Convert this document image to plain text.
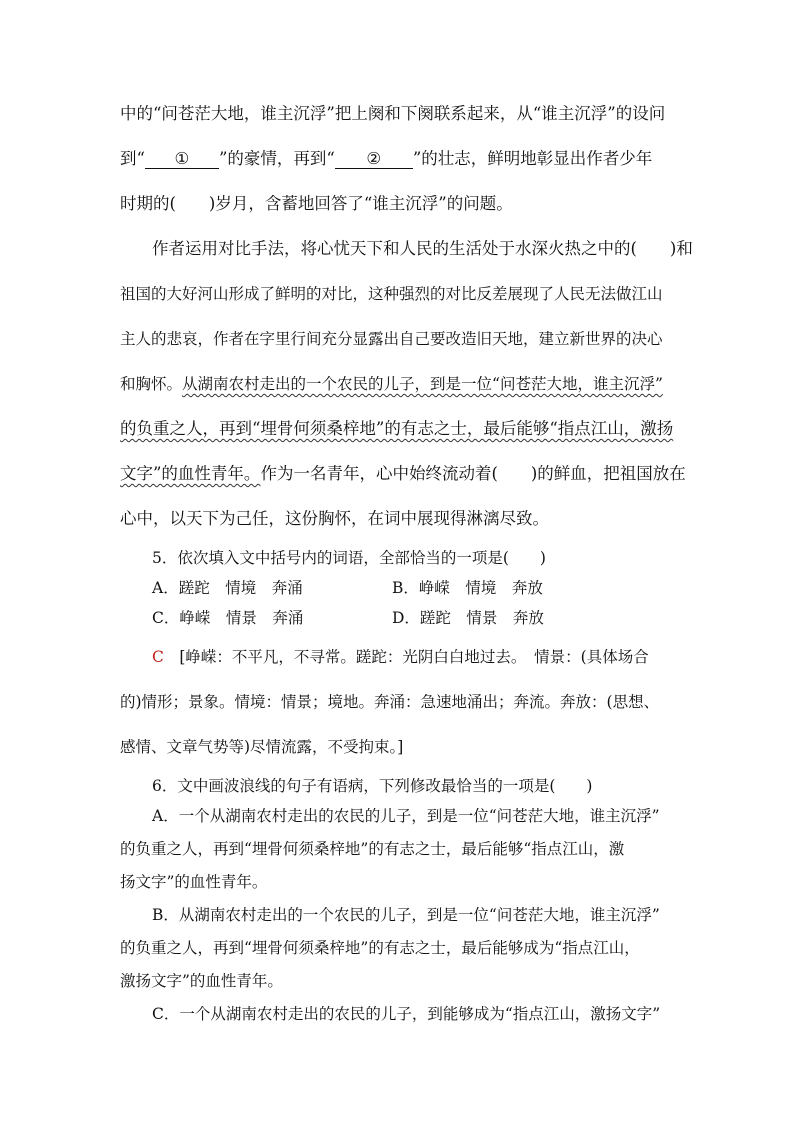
中的“问苍茫大地，谁主沉浮”把上阕和下阕联系起来，从“谁主沉浮”的设问
到“ ① ”的豪情，再到“ ② ”的壮志，鲜明地彰显出作者少年
时期的(　　)岁月，含蓄地回答了“谁主沉浮”的问题。
作者运用对比手法，将心忧天下和人民的生活处于水深火热之中的(　　)和
祖国的大好河山形成了鲜明的对比，这种强烈的对比反差展现了人民无法做江山
主人的悲哀，作者在字里行间充分显露出自己要改造旧天地，建立新世界的决心
和胸怀。从湖南农村走出的一个农民的儿子，到是一位“问苍茫大地，谁主沉浮”
的负重之人，再到“埋骨何须桑梓地”的有志之士，最后能够“指点江山，激扬
文字”的血性青年。作为一名青年，心中始终流动着(　　)的鲜血，把祖国放在
心中，以天下为己任，这份胸怀，在词中展现得淋漓尽致。
5．依次填入文中括号内的词语，全部恰当的一项是(　　)
A．蹉跎　情境　奔涌	B．峥嵘　情境　奔放
C．峥嵘　情景　奔涌	D．蹉跎　情景　奔放
C　[峥嵘：不平凡，不寻常。蹉跎：光阴白白地过去。　情景：(具体场合
的)情形；景象。情境：情景；境地。奔涌：急速地涌出；奔流。奔放：(思想、
感情、文章气势等)尽情流露，不受拘束。]
6．文中画波浪线的句子有语病，下列修改最恰当的一项是(　　)
A．一个从湖南农村走出的农民的儿子，到是一位“问苍茫大地，谁主沉浮”
的负重之人，再到“埋骨何须桑梓地”的有志之士，最后能够“指点江山，激
扬文字”的血性青年。
B．从湖南农村走出的一个农民的儿子，到是一位“问苍茫大地，谁主沉浮”
的负重之人，再到“埋骨何须桑梓地”的有志之士，最后能够成为“指点江山，
激扬文字”的血性青年。
C．一个从湖南农村走出的农民的儿子，到能够成为“指点江山，激扬文字”
